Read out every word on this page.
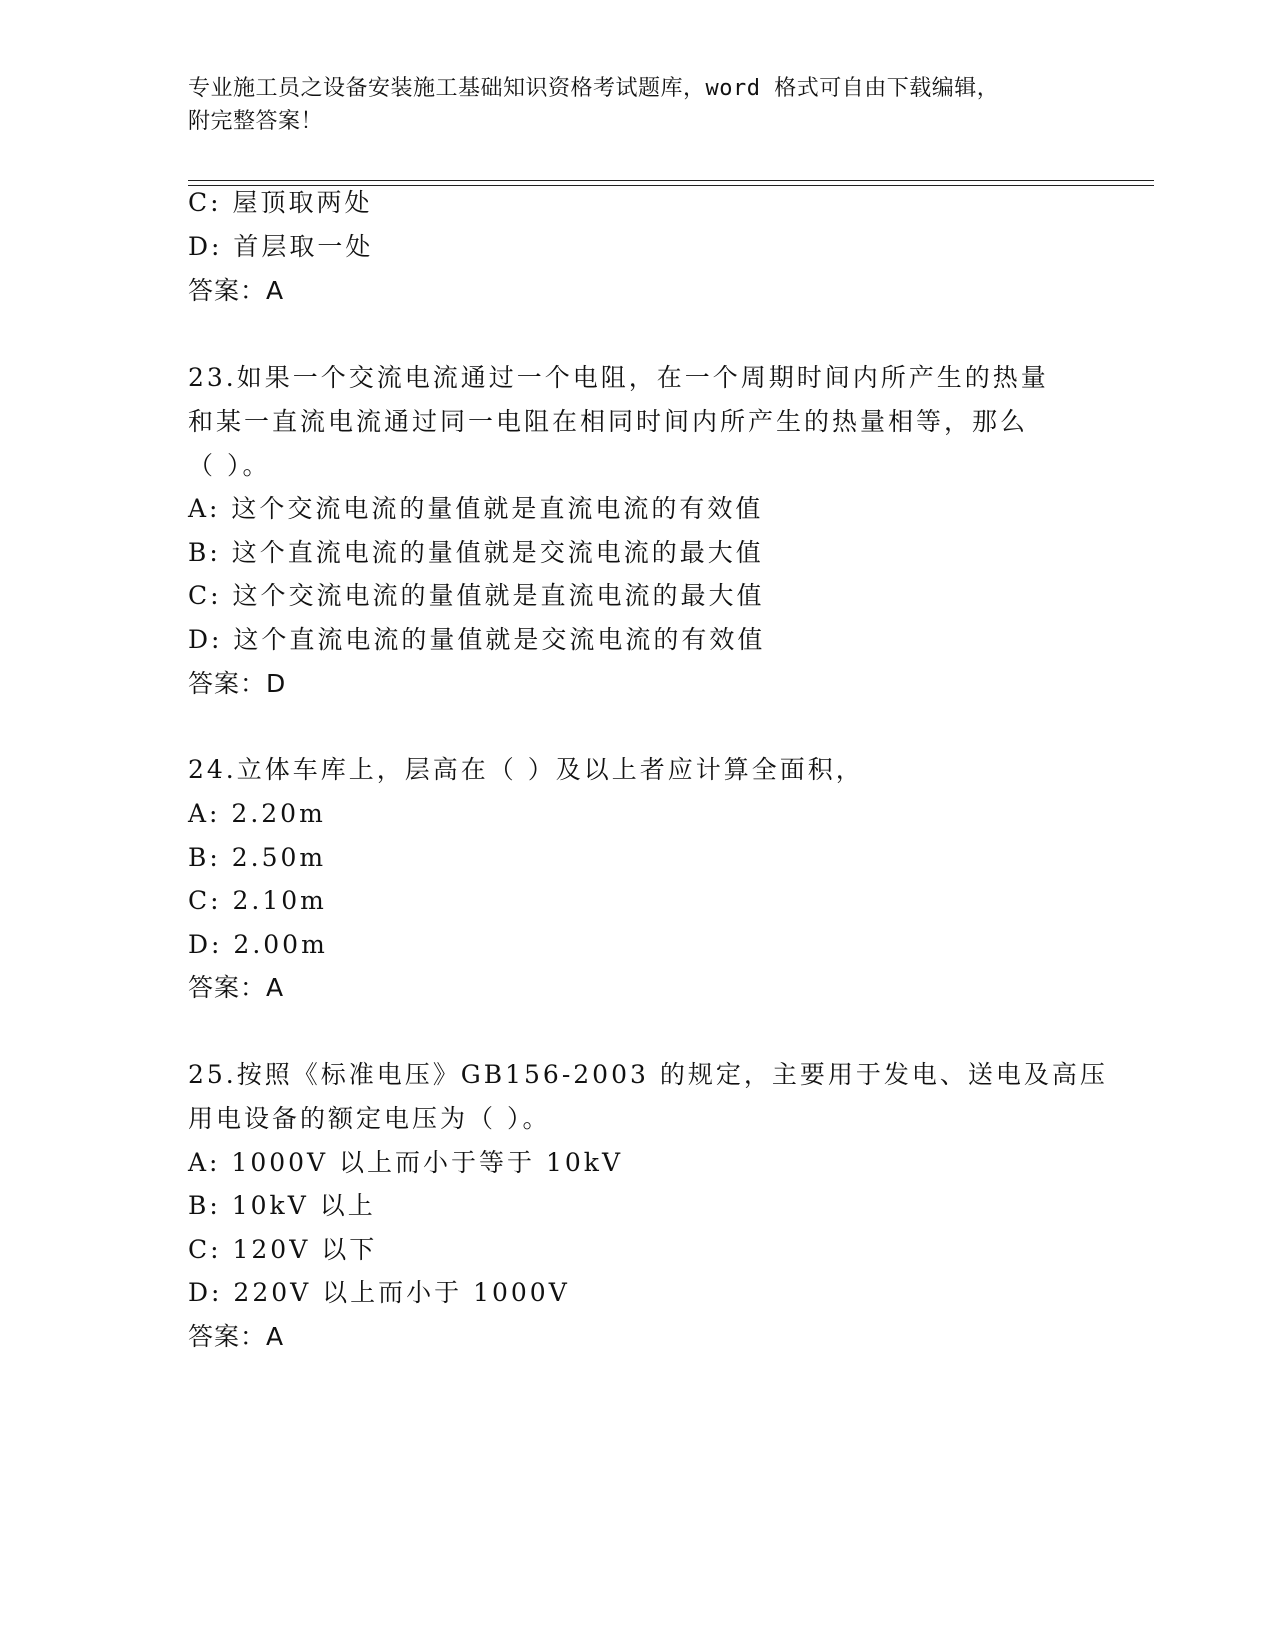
专业施工员之设备安装施工基础知识资格考试题库，word 格式可自由下载编辑，
附完整答案！
C: 屋顶取两处
D: 首层取一处
答案：A
23.如果一个交流电流通过一个电阻，在一个周期时间内所产生的热量
和某一直流电流通过同一电阻在相同时间内所产生的热量相等，那么
（ ）。
A: 这个交流电流的量值就是直流电流的有效值
B: 这个直流电流的量值就是交流电流的最大值
C: 这个交流电流的量值就是直流电流的最大值
D: 这个直流电流的量值就是交流电流的有效值
答案：D
24.立体车库上，层高在（ ）及以上者应计算全面积，
A: 2.20m
B: 2.50m
C: 2.10m
D: 2.00m
答案：A
25.按照《标准电压》GB156-2003 的规定，主要用于发电、送电及高压
用电设备的额定电压为（ ）。
A: 1000V 以上而小于等于 10kV
B: 10kV 以上
C: 120V 以下
D: 220V 以上而小于 1000V
答案：A
